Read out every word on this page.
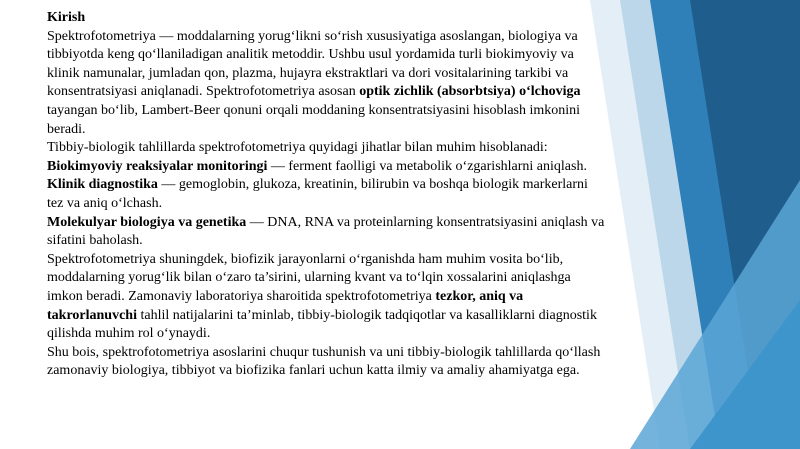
Kirish

Spektrofotometriya — moddalarning yorug‘likni so‘rish xususiyatiga asoslangan, biologiya va tibbiyotda keng qo‘llaniladigan analitik metoddir. Ushbu usul yordamida turli biokimyoviy va klinik namunalar, jumladan qon, plazma, hujayra ekstraktlari va dori vositalarining tarkibi va konsentratsiyasi aniqlanadi. Spektrofotometriya asosan optik zichlik (absorbtsiya) o‘lchoviga tayangan bo‘lib, Lambert-Beer qonuni orqali moddaning konsentratsiyasini hisoblash imkonini beradi.

Tibbiy-biologik tahlillarda spektrofotometriya quyidagi jihatlar bilan muhim hisoblanadi:

Biokimyoviy reaksiyalar monitoringi — ferment faolligi va metabolik o‘zgarishlarni aniqlash.

Klinik diagnostika — gemoglobin, glukoza, kreatinin, bilirubin va boshqa biologik markerlarni tez va aniq o‘lchash.

Molekulyar biologiya va genetika — DNA, RNA va proteinlarning konsentratsiyasini aniqlash va sifatini baholash.

Spektrofotometriya shuningdek, biofizik jarayonlarni o‘rganishda ham muhim vosita bo‘lib, moddalarning yorug‘lik bilan o‘zaro ta’sirini, ularning kvant va to‘lqin xossalarini aniqlashga imkon beradi. Zamonaviy laboratoriya sharoitida spektrofotometriya tezkor, aniq va takrorlanuvchi tahlil natijalarini ta’minlab, tibbiy-biologik tadqiqotlar va kasalliklarni diagnostik qilishda muhim rol o‘ynaydi.

Shu bois, spektrofotometriya asoslarini chuqur tushunish va uni tibbiy-biologik tahlillarda qo‘llash zamonaviy biologiya, tibbiyot va biofizika fanlari uchun katta ilmiy va amaliy ahamiyatga ega.
